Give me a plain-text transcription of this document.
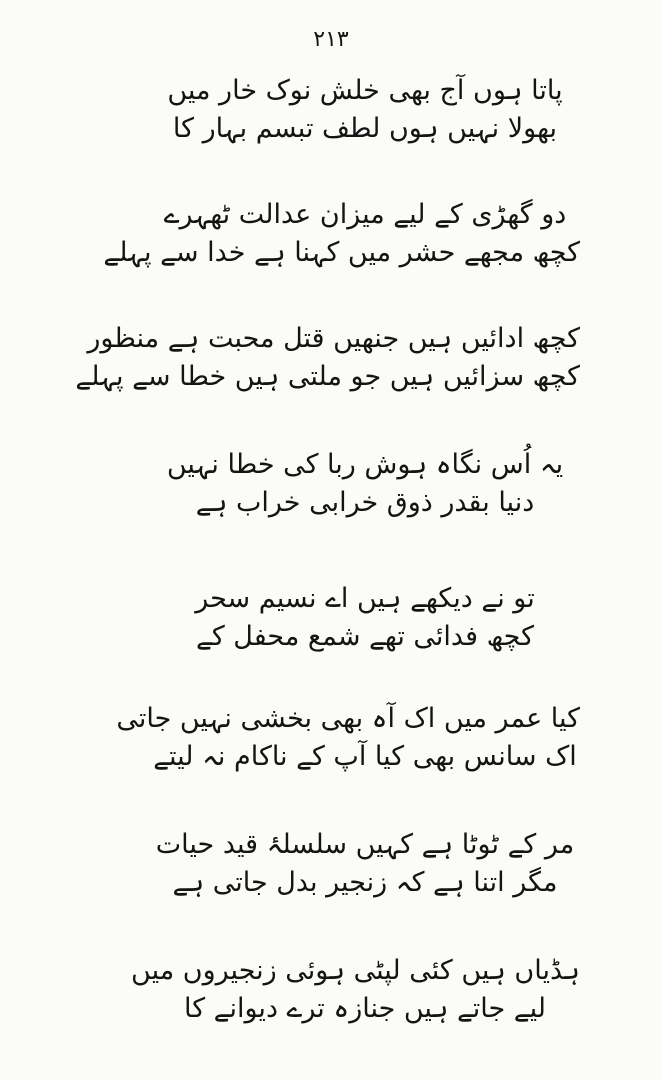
۲۱۳
پاتا ہوں آج بھی خلش نوک خار میں
بھولا نہیں ہوں لطف تبسم بہار کا
دو گھڑی کے لیے میزان عدالت ٹھہرے
کچھ مجھے حشر میں کہنا ہے خدا سے پہلے
کچھ ادائیں ہیں جنھیں قتل محبت ہے منظور
کچھ سزائیں ہیں جو ملتی ہیں خطا سے پہلے
یہ اُس نگاہ ہوش ربا کی خطا نہیں
دنیا بقدر ذوق خرابی خراب ہے
تو نے دیکھے ہیں اے نسیم سحر
کچھ فدائی تھے شمع محفل کے
کیا عمر میں اک آہ بھی بخشی نہیں جاتی
اک سانس بھی کیا آپ کے ناکام نہ لیتے
مر کے ٹوٹا ہے کہیں سلسلۂ قید حیات
مگر اتنا ہے کہ زنجیر بدل جاتی ہے
ہڈیاں ہیں کئی لپٹی ہوئی زنجیروں میں
لیے جاتے ہیں جنازہ ترے دیوانے کا
